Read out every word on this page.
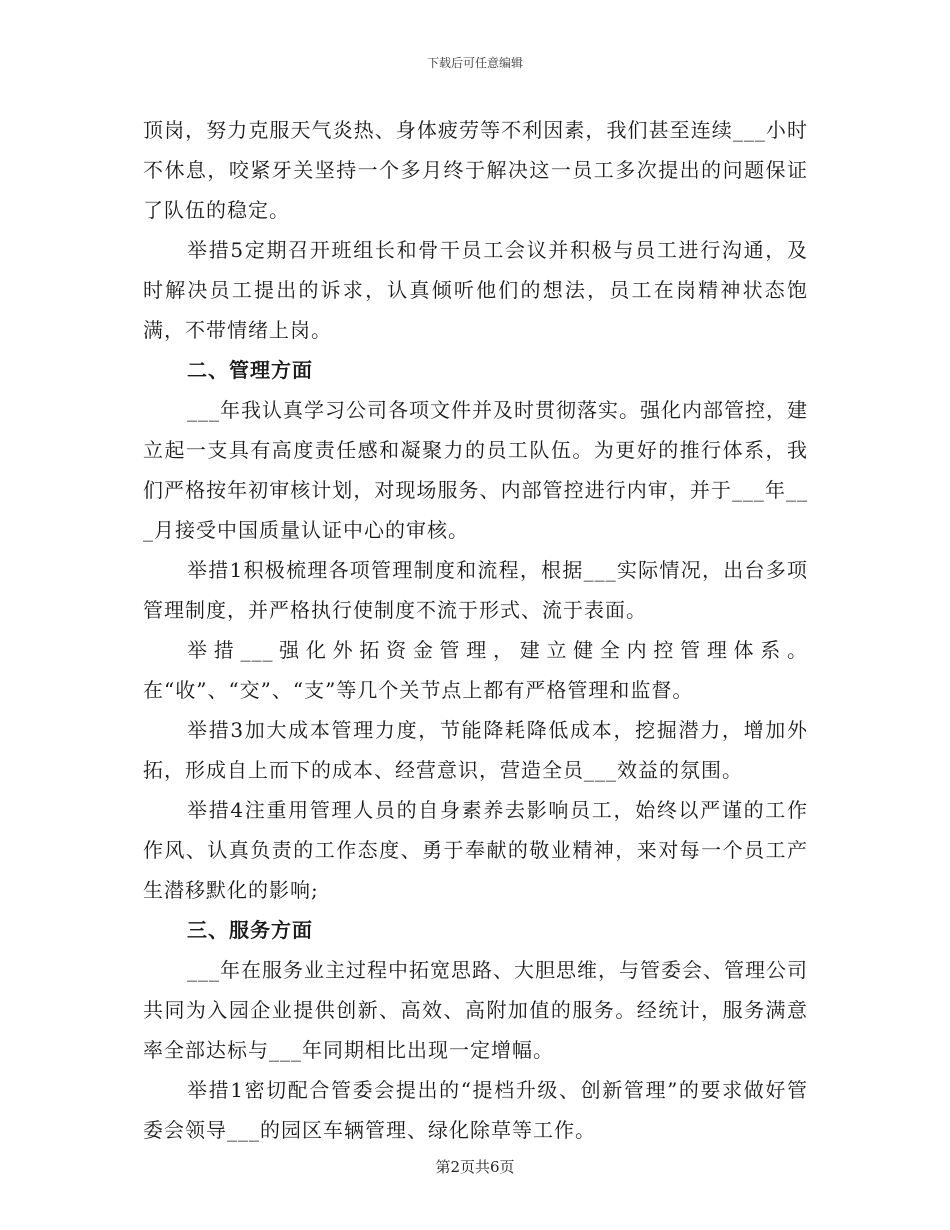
下载后可任意编辑

顶岗，努力克服天气炎热、身体疲劳等不利因素，我们甚至连续___小时不休息，咬紧牙关坚持一个多月终于解决这一员工多次提出的问题保证了队伍的稳定。

举措5定期召开班组长和骨干员工会议并积极与员工进行沟通，及时解决员工提出的诉求，认真倾听他们的想法，员工在岗精神状态饱满，不带情绪上岗。

二、管理方面

___年我认真学习公司各项文件并及时贯彻落实。强化内部管控，建立起一支具有高度责任感和凝聚力的员工队伍。为更好的推行体系，我们严格按年初审核计划，对现场服务、内部管控进行内审，并于___年___月接受中国质量认证中心的审核。

举措1积极梳理各项管理制度和流程，根据___实际情况，出台多项管理制度，并严格执行使制度不流于形式、流于表面。

举措___强化外拓资金管理，建立健全内控管理体系。在“收”、“交”、“支”等几个关节点上都有严格管理和监督。

举措3加大成本管理力度，节能降耗降低成本，挖掘潜力，增加外拓，形成自上而下的成本、经营意识，营造全员___效益的氛围。

举措4注重用管理人员的自身素养去影响员工，始终以严谨的工作作风、认真负责的工作态度、勇于奉献的敬业精神，来对每一个员工产生潜移默化的影响;

三、服务方面

___年在服务业主过程中拓宽思路、大胆思维，与管委会、管理公司共同为入园企业提供创新、高效、高附加值的服务。经统计，服务满意率全部达标与___年同期相比出现一定增幅。

举措1密切配合管委会提出的“提档升级、创新管理”的要求做好管委会领导___的园区车辆管理、绿化除草等工作。

第2页共6页
